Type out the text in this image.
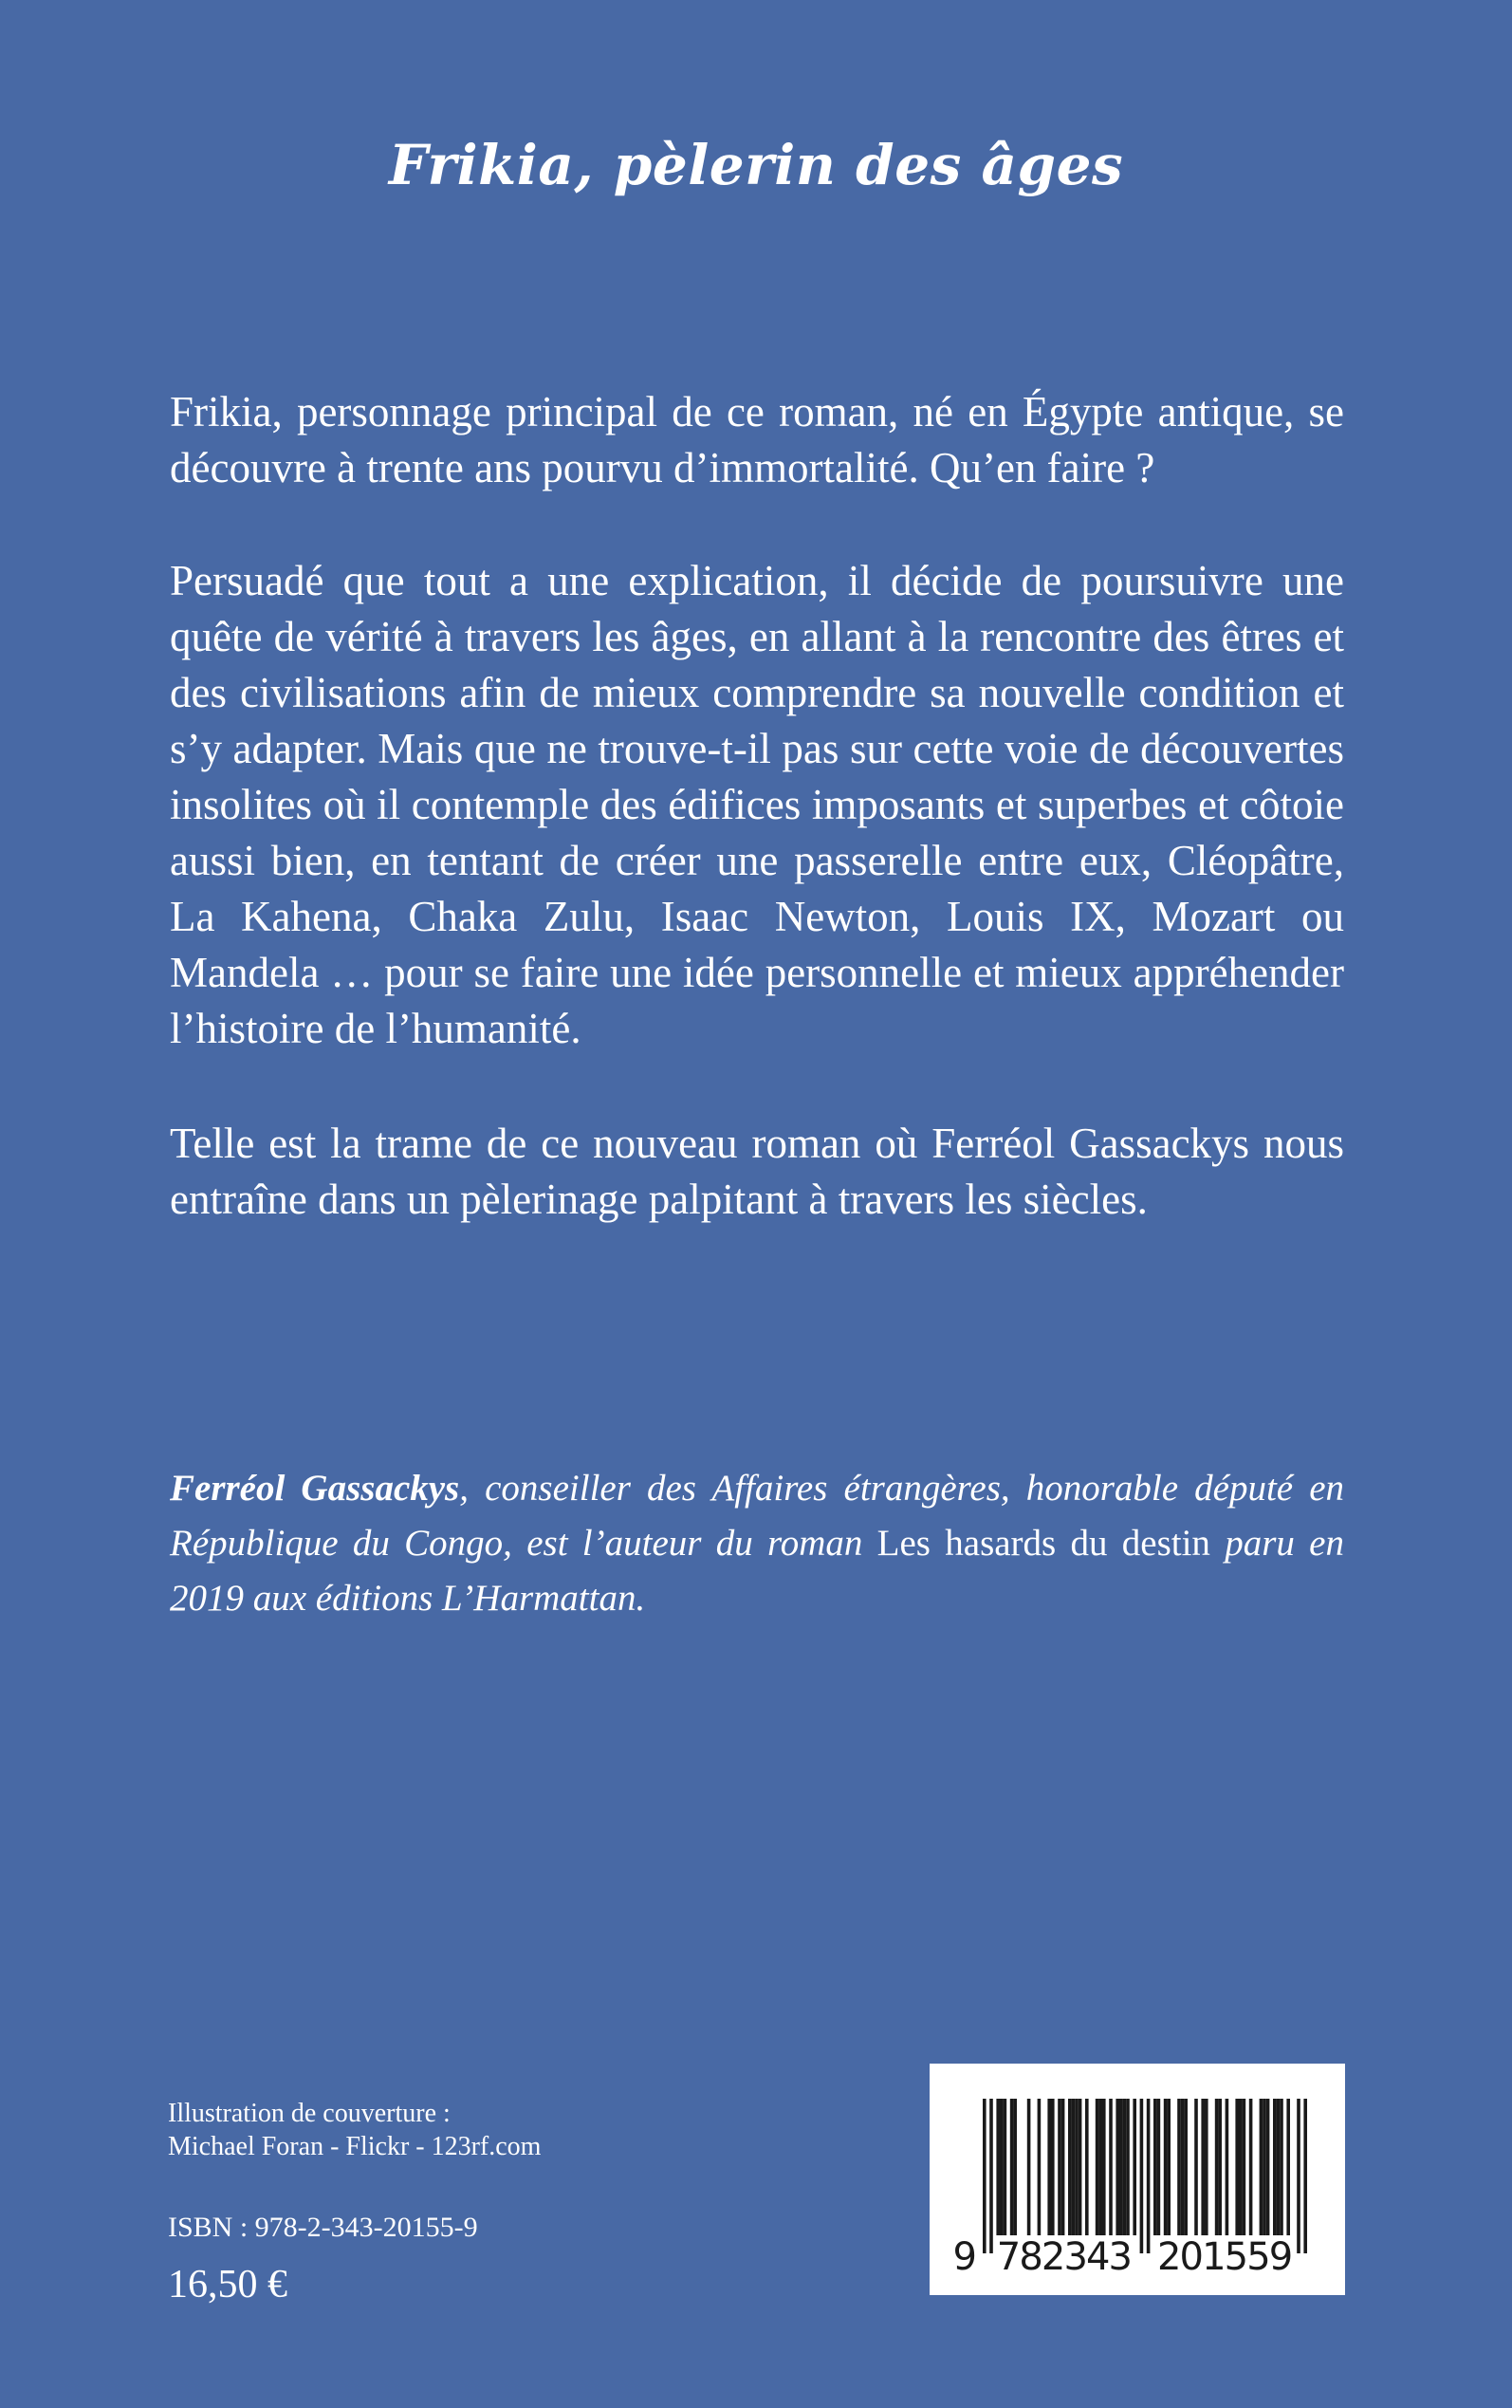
Frikia, pèlerin des âges

Frikia, personnage principal de ce roman, né en Égypte antique, se découvre à trente ans pourvu d’immortalité. Qu’en faire ?

Persuadé que tout a une explication, il décide de poursuivre une quête de vérité à travers les âges, en allant à la rencontre des êtres et des civilisations afin de mieux comprendre sa nouvelle condition et s’y adapter. Mais que ne trouve-t-il pas sur cette voie de découvertes insolites où il contemple des édifices imposants et superbes et côtoie aussi bien, en tentant de créer une passerelle entre eux, Cléopâtre, La Kahena, Chaka Zulu, Isaac Newton, Louis IX, Mozart ou Mandela … pour se faire une idée personnelle et mieux appréhender l’histoire de l’humanité.

Telle est la trame de ce nouveau roman où Ferréol Gassackys nous entraîne dans un pèlerinage palpitant à travers les siècles.

Ferréol Gassackys, conseiller des Affaires étrangères, honorable député en République du Congo, est l’auteur du roman Les hasards du destin paru en 2019 aux éditions L’Harmattan.

Illustration de couverture :
Michael Foran - Flickr - 123rf.com
ISBN : 978-2-343-20155-9
16,50 €
9 782343 201559
